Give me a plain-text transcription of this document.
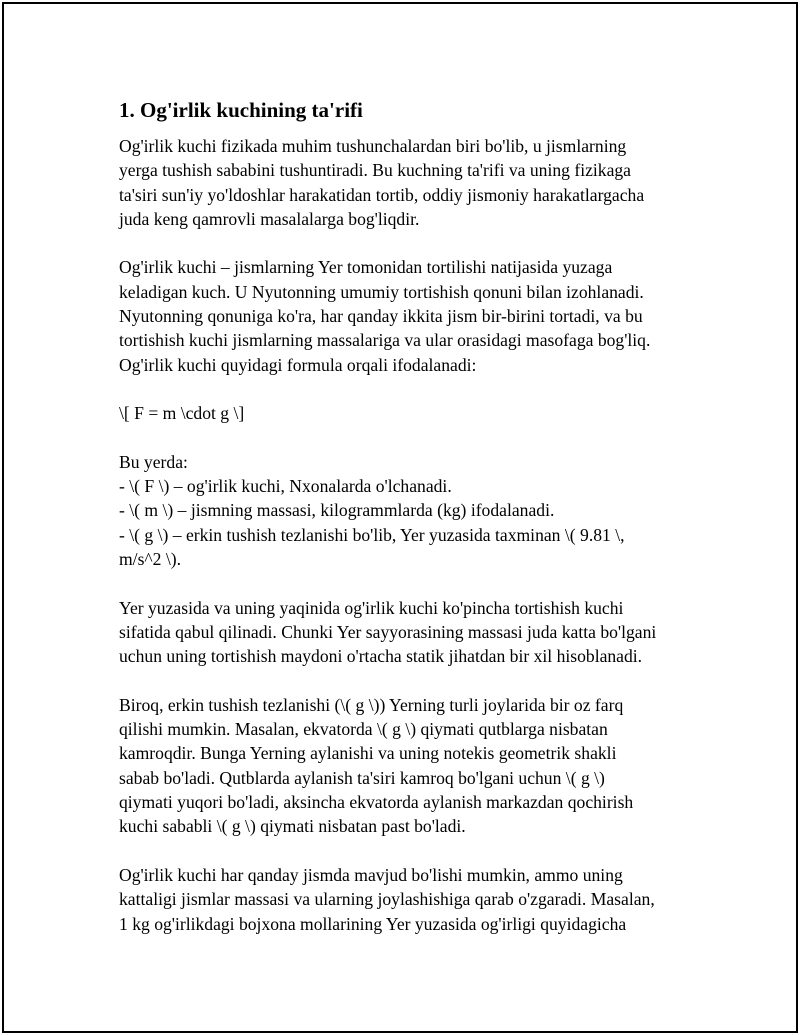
1. Og'irlik kuchining ta'rifi
Og'irlik kuchi fizikada muhim tushunchalardan biri bo'lib, u jismlarning
yerga tushish sababini tushuntiradi. Bu kuchning ta'rifi va uning fizikaga
ta'siri sun'iy yo'ldoshlar harakatidan tortib, oddiy jismoniy harakatlargacha
juda keng qamrovli masalalarga bog'liqdir.
Og'irlik kuchi – jismlarning Yer tomonidan tortilishi natijasida yuzaga
keladigan kuch. U Nyutonning umumiy tortishish qonuni bilan izohlanadi.
Nyutonning qonuniga ko'ra, har qanday ikkita jism bir-birini tortadi, va bu
tortishish kuchi jismlarning massalariga va ular orasidagi masofaga bog'liq.
Og'irlik kuchi quyidagi formula orqali ifodalanadi:
\[ F = m \cdot g \]
Bu yerda:
- \( F \) – og'irlik kuchi, Nxonalarda o'lchanadi.
- \( m \) – jismning massasi, kilogrammlarda (kg) ifodalanadi.
- \( g \) – erkin tushish tezlanishi bo'lib, Yer yuzasida taxminan \( 9.81 \,
m/s^2 \).
Yer yuzasida va uning yaqinida og'irlik kuchi ko'pincha tortishish kuchi
sifatida qabul qilinadi. Chunki Yer sayyorasining massasi juda katta bo'lgani
uchun uning tortishish maydoni o'rtacha statik jihatdan bir xil hisoblanadi.
Biroq, erkin tushish tezlanishi (\( g \)) Yerning turli joylarida bir oz farq
qilishi mumkin. Masalan, ekvatorda \( g \) qiymati qutblarga nisbatan
kamroqdir. Bunga Yerning aylanishi va uning notekis geometrik shakli
sabab bo'ladi. Qutblarda aylanish ta'siri kamroq bo'lgani uchun \( g \)
qiymati yuqori bo'ladi, aksincha ekvatorda aylanish markazdan qochirish
kuchi sababli \( g \) qiymati nisbatan past bo'ladi.
Og'irlik kuchi har qanday jismda mavjud bo'lishi mumkin, ammo uning
kattaligi jismlar massasi va ularning joylashishiga qarab o'zgaradi. Masalan,
1 kg og'irlikdagi bojxona mollarining Yer yuzasida og'irligi quyidagicha
